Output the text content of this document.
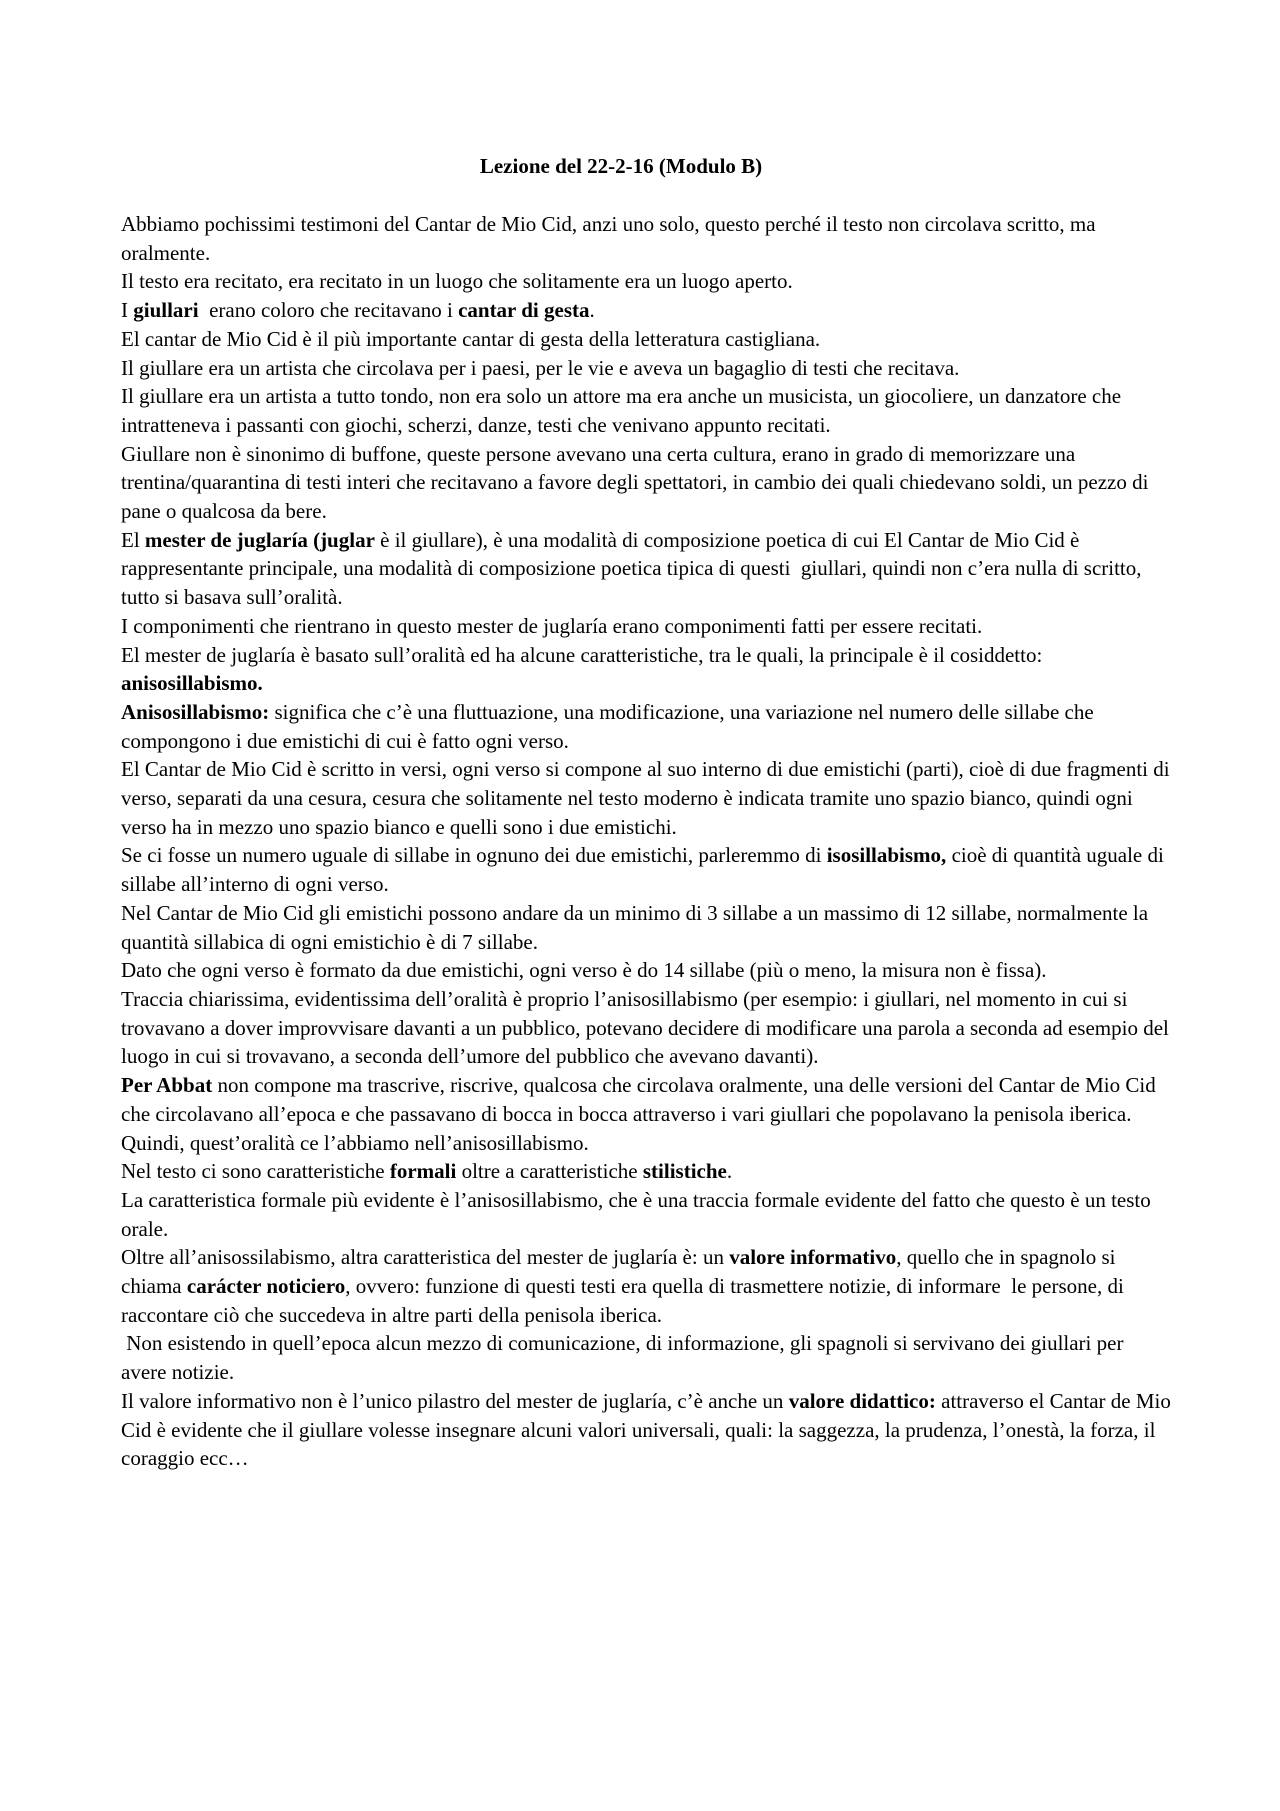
Lezione del 22-2-16 (Modulo B)

Abbiamo pochissimi testimoni del Cantar de Mio Cid, anzi uno solo, questo perché il testo non circolava scritto, ma oralmente.

Il testo era recitato, era recitato in un luogo che solitamente era un luogo aperto.

I giullari  erano coloro che recitavano i cantar di gesta.

El cantar de Mio Cid è il più importante cantar di gesta della letteratura castigliana.

Il giullare era un artista che circolava per i paesi, per le vie e aveva un bagaglio di testi che recitava.

Il giullare era un artista a tutto tondo, non era solo un attore ma era anche un musicista, un giocoliere, un danzatore che intratteneva i passanti con giochi, scherzi, danze, testi che venivano appunto recitati.

Giullare non è sinonimo di buffone, queste persone avevano una certa cultura, erano in grado di memorizzare una trentina/quarantina di testi interi che recitavano a favore degli spettatori, in cambio dei quali chiedevano soldi, un pezzo di pane o qualcosa da bere.

El mester de juglaría (juglar è il giullare), è una modalità di composizione poetica di cui El Cantar de Mio Cid è rappresentante principale, una modalità di composizione poetica tipica di questi  giullari, quindi non c’era nulla di scritto, tutto si basava sull’oralità.

I componimenti che rientrano in questo mester de juglaría erano componimenti fatti per essere recitati.

El mester de juglaría è basato sull’oralità ed ha alcune caratteristiche, tra le quali, la principale è il cosiddetto: anisosillabismo.

Anisosillabismo: significa che c’è una fluttuazione, una modificazione, una variazione nel numero delle sillabe che compongono i due emistichi di cui è fatto ogni verso.

El Cantar de Mio Cid è scritto in versi, ogni verso si compone al suo interno di due emistichi (parti), cioè di due fragmenti di verso, separati da una cesura, cesura che solitamente nel testo moderno è indicata tramite uno spazio bianco, quindi ogni verso ha in mezzo uno spazio bianco e quelli sono i due emistichi.

Se ci fosse un numero uguale di sillabe in ognuno dei due emistichi, parleremmo di isosillabismo, cioè di quantità uguale di sillabe all’interno di ogni verso.

Nel Cantar de Mio Cid gli emistichi possono andare da un minimo di 3 sillabe a un massimo di 12 sillabe, normalmente la quantità sillabica di ogni emistichio è di 7 sillabe.

Dato che ogni verso è formato da due emistichi, ogni verso è do 14 sillabe (più o meno, la misura non è fissa).

Traccia chiarissima, evidentissima dell’oralità è proprio l’anisosillabismo (per esempio: i giullari, nel momento in cui si trovavano a dover improvvisare davanti a un pubblico, potevano decidere di modificare una parola a seconda ad esempio del luogo in cui si trovavano, a seconda dell’umore del pubblico che avevano davanti).

Per Abbat non compone ma trascrive, riscrive, qualcosa che circolava oralmente, una delle versioni del Cantar de Mio Cid che circolavano all’epoca e che passavano di bocca in bocca attraverso i vari giullari che popolavano la penisola iberica.

Quindi, quest’oralità ce l’abbiamo nell’anisosillabismo.

Nel testo ci sono caratteristiche formali oltre a caratteristiche stilistiche.

La caratteristica formale più evidente è l’anisosillabismo, che è una traccia formale evidente del fatto che questo è un testo orale.

Oltre all’anisossilabismo, altra caratteristica del mester de juglaría è: un valore informativo, quello che in spagnolo si chiama carácter noticiero, ovvero: funzione di questi testi era quella di trasmettere notizie, di informare  le persone, di raccontare ciò che succedeva in altre parti della penisola iberica.

Non esistendo in quell’epoca alcun mezzo di comunicazione, di informazione, gli spagnoli si servivano dei giullari per avere notizie.

Il valore informativo non è l’unico pilastro del mester de juglaría, c’è anche un valore didattico: attraverso el Cantar de Mio Cid è evidente che il giullare volesse insegnare alcuni valori universali, quali: la saggezza, la prudenza, l’onestà, la forza, il coraggio ecc…
